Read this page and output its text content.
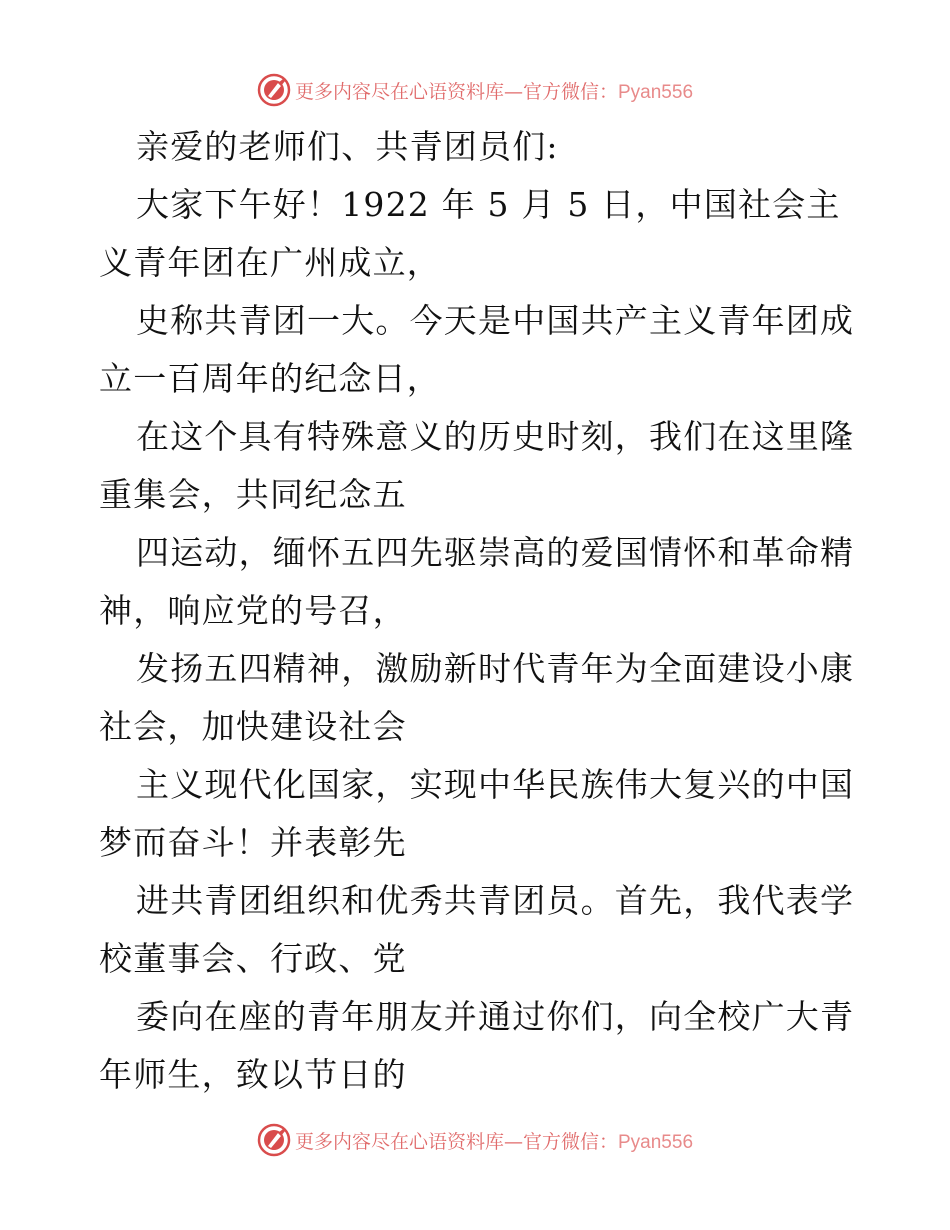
更多内容尽在心语资料库—官方微信：Pyan556
亲爱的老师们、共青团员们:
大家下午好！1922 年 5 月 5 日，中国社会主
义青年团在广州成立，
史称共青团一大。今天是中国共产主义青年团成
立一百周年的纪念日，
在这个具有特殊意义的历史时刻，我们在这里隆
重集会，共同纪念五
四运动，缅怀五四先驱崇高的爱国情怀和革命精
神，响应党的号召，
发扬五四精神，激励新时代青年为全面建设小康
社会，加快建设社会
主义现代化国家，实现中华民族伟大复兴的中国
梦而奋斗！并表彰先
进共青团组织和优秀共青团员。首先，我代表学
校董事会、行政、党
委向在座的青年朋友并通过你们，向全校广大青
年师生，致以节日的
更多内容尽在心语资料库—官方微信：Pyan556
